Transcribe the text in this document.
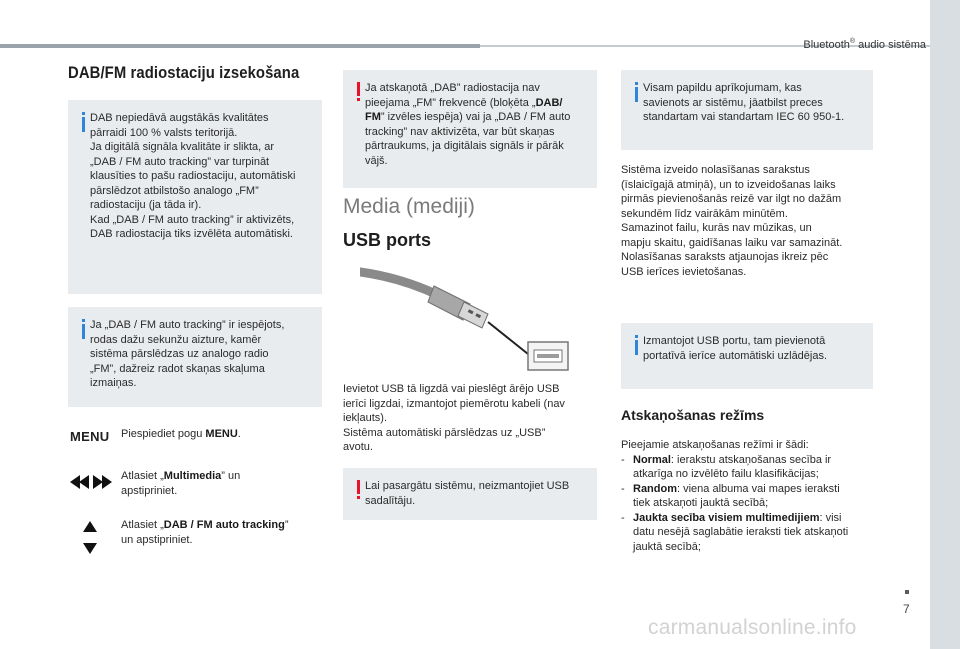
Bluetooth® audio sistēma
DAB/FM radiostaciju izsekošana
DAB nepiedāvā augstākās kvalitātes
pārraidi 100 % valsts teritorijā.
Ja digitālā signāla kvalitāte ir slikta, ar
„DAB / FM auto tracking” var turpināt
klausīties to pašu radiostaciju, automātiski
pārslēdzot atbilstošo analogo „FM”
radiostaciju (ja tāda ir).
Kad „DAB / FM auto tracking” ir aktivizēts,
DAB radiostacija tiks izvēlēta automātiski.
Ja „DAB / FM auto tracking” ir iespējots,
rodas dažu sekunžu aizture, kamēr
sistēma pārslēdzas uz analogo radio
„FM”, dažreiz radot skaņas skaļuma
izmaiņas.
MENU Piespiediet pogu MENU.
Atlasiet „Multimedia” un
apstipriniet.
Atlasiet „DAB / FM auto tracking”
un apstipriniet.
Ja atskaņotā „DAB” radiostacija nav
pieejama „FM” frekvencē (bloķēta „DAB/
FM” izvēles iespēja) vai ja „DAB / FM auto
tracking” nav aktivizēta, var būt skaņas
pārtraukums, ja digitālais signāls ir pārāk
vājš.
Media (mediji)
USB ports
Ievietot USB tā ligzdā vai pieslēgt ārējo USB
ierīci ligzdai, izmantojot piemērotu kabeli (nav
iekļauts).
Sistēma automātiski pārslēdzas uz „USB”
avotu.
Lai pasargātu sistēmu, neizmantojiet USB
sadalītāju.
Visam papildu aprīkojumam, kas
savienots ar sistēmu, jāatbilst preces
standartam vai standartam IEC 60 950-1.
Sistēma izveido nolasīšanas sarakstus
(īslaicīgajā atmiņā), un to izveidošanas laiks
pirmās pievienošanās reizē var ilgt no dažām
sekundēm līdz vairākām minūtēm.
Samazinot failu, kurās nav mūzikas, un
mapju skaitu, gaidīšanas laiku var samazināt.
Nolasīšanas saraksts atjaunojas ikreiz pēc
USB ierīces ievietošanas.
Izmantojot USB portu, tam pievienotā
portatīvā ierīce automātiski uzlādējas.
Atskaņošanas režīms
Pieejamie atskaņošanas režīmi ir šādi:
- Normal: ierakstu atskaņošanas secība ir
atkarīga no izvēlēto failu klasifikācijas;
- Random: viena albuma vai mapes ieraksti
tiek atskaņoti jauktā secībā;
- Jaukta secība visiem multimedijiem: visi
datu nesējā saglabātie ieraksti tiek atskaņoti
jauktā secībā;
7
carmanualsonline.info
